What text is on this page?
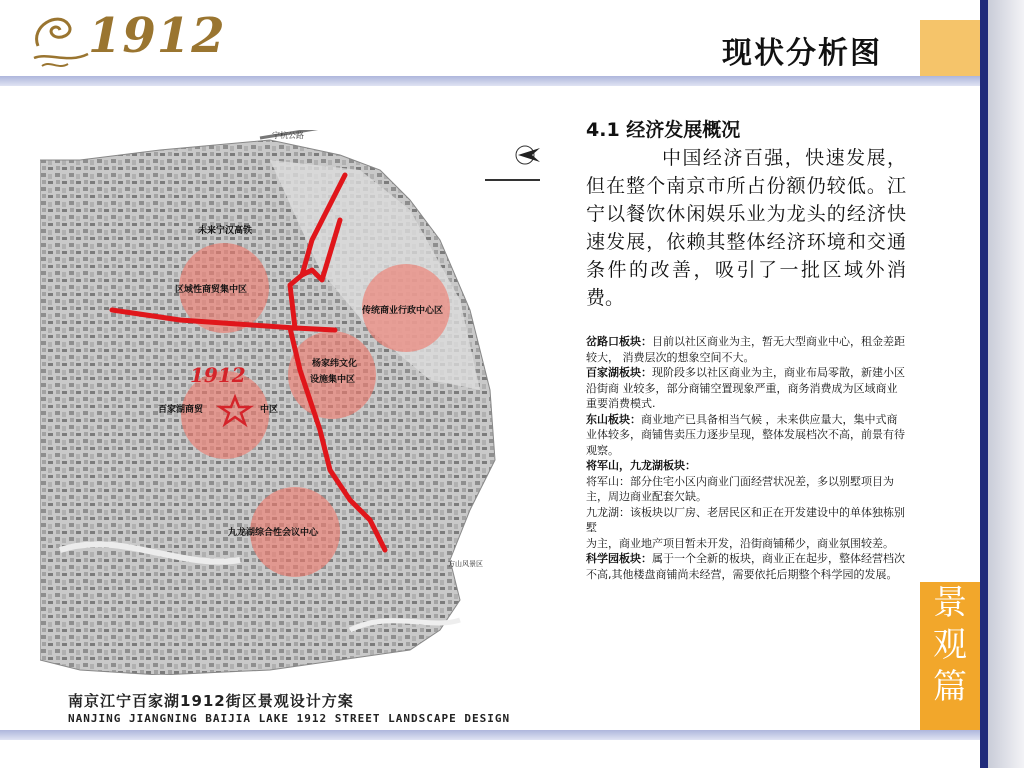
1912	现状分析图
宁杭公路
未来宁汉高铁
区域性商贸集中区
传统商业行政中心区
杨家纬文化
设施集中区
百家湖商贸	中区
九龙湖综合性会议中心
方山风景区
1912
4.1 经济发展概况

中国经济百强，快速发展，但在整个南京市所占份额仍较低。江宁以餐饮休闲娱乐业为龙头的经济快速发展，依赖其整体经济环境和交通条件的改善，吸引了一批区域外消费。

岔路口板块：目前以社区商业为主，暂无大型商业中心，租金差距较大， 消费层次的想象空间不大。

百家湖板块：现阶段多以社区商业为主，商业布局零散，新建小区沿街商 业较多，部分商铺空置现象严重，商务消费成为区域商业重要消费模式.

东山板块：商业地产已具备相当气候 ，未来供应量大，集中式商业体较多，商铺售卖压力逐步呈现，整体发展档次不高，前景有待观察。

将军山，九龙湖板块：

将军山：部分住宅小区内商业门面经营状况差，多以别墅项目为主，周边商业配套欠缺。

九龙湖：该板块以厂房、老居民区和正在开发建设中的单体独栋别墅

为主，商业地产项目暂未开发，沿街商铺稀少，商业氛围较差。

科学园板块：属于一个全新的板块，商业正在起步，整体经营档次不高,其他楼盘商铺尚未经营，需要依托后期整个科学园的发展。

景
观
篇
南京江宁百家湖1912街区景观设计方案
NANJING JIANGNING BAIJIA LAKE 1912 STREET LANDSCAPE DESIGN
